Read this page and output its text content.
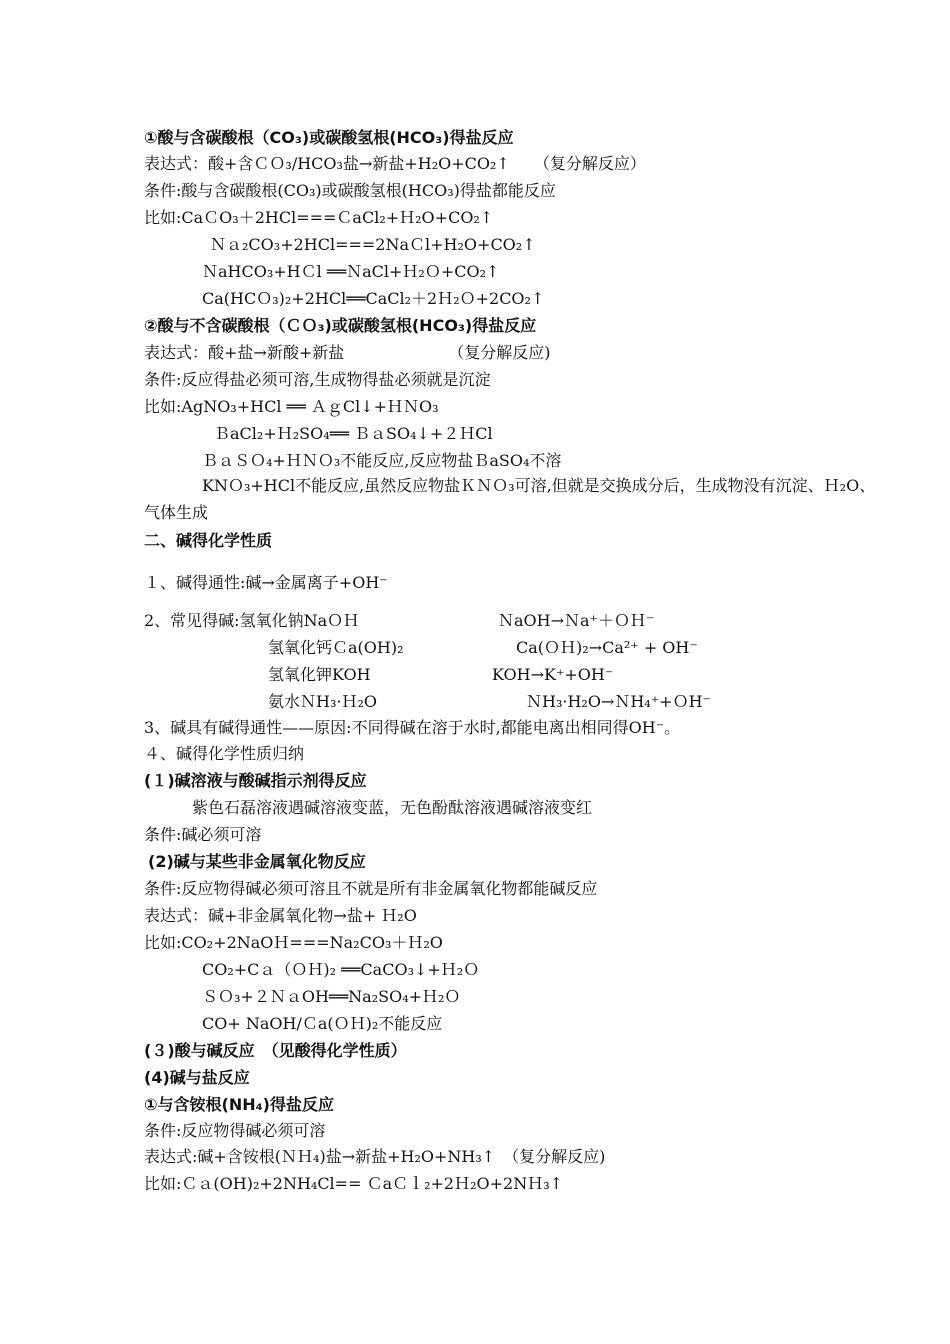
①酸与含碳酸根（CO₃)或碳酸氢根(HCO₃)得盐反应
表达式：酸+含ＣＯ₃/HCO₃盐→新盐+H₂O+CO₂↑　　（复分解反应）
条件:酸与含碳酸根(CO₃)或碳酸氢根(HCO₃)得盐都能反应
比如:CaＣO₃＋2HCl===ＣaCl₂+Ｈ₂O+CO₂↑
Ｎａ₂CO₃+2HCl===2NaＣl+H₂O+CO₂↑
ＮaHCO₃+HＣl ══ＮaCl+Ｈ₂Ｏ+CO₂↑
Ca(HCＯ₃)₂+2HCl══CaCl₂＋2Ｈ₂Ｏ+2CO₂↑
②酸与不含碳酸根（ＣＯ₃)或碳酸氢根(HCO₃)得盐反应
表达式：酸+盐→新酸+新盐　　　　　　　（复分解反应)
条件:反应得盐必须可溶,生成物得盐必须就是沉淀
比如:AgNO₃+HCl ══ ＡｇCl↓+ＨＮO₃
ＢaCl₂+Ｈ₂SO₄══ ＢａSO₄↓+２ＨCl
ＢａＳＯ₄+ＨＮＯ₃不能反应,反应物盐ＢaSO₄不溶
KNＯ₃+HCl不能反应,虽然反应物盐ＫＮＯ₃可溶,但就是交换成分后，生成物没有沉淀、Ｈ₂O、气体生成
二、碱得化学性质
１、碱得通性:碱→金属离子+OH⁻
2、常见得碱:氢氧化钠NaＯＨ	ＮaOH→Ｎa⁺＋ＯＨ⁻
氢氧化钙Ｃa(OH)₂	Ca(ＯＨ)₂→Ca²⁺ + OH⁻
氢氧化钾KOH	KOH→K⁺+OH⁻
氨水ＮH₃·Ｈ₂O	ＮH₃·H₂O→ＮH₄⁺+ＯH⁻
3、碱具有碱得通性——原因:不同得碱在溶于水时,都能电离出相同得OH⁻。
４、碱得化学性质归纳
(１)碱溶液与酸碱指示剂得反应
紫色石磊溶液遇碱溶液变蓝，无色酚酞溶液遇碱溶液变红
条件:碱必须可溶
(2)碱与某些非金属氧化物反应
条件:反应物得碱必须可溶且不就是所有非金属氧化物都能碱反应
表达式：碱+非金属氧化物→盐+ Ｈ₂O
比如:CO₂+2NaOＨ===Na₂CO₃＋Ｈ₂O
CO₂+Cａ（ＯＨ)₂ ══CaCO₃↓+Ｈ₂Ｏ
ＳＯ₃+２ＮａOH══Na₂SO₄+Ｈ₂Ｏ
CO+ NaOH/Ｃa(ＯＨ)₂不能反应
(３)酸与碱反应　（见酸得化学性质）
(4)碱与盐反应
①与含铵根(NH₄)得盐反应
条件:反应物得碱必须可溶
表达式:碱+含铵根(ＮＨ₄)盐→新盐+H₂O+NH₃↑　（复分解反应)
比如:Ｃａ(OH)₂+2NH₄Cl== ＣaＣｌ₂+2Ｈ₂O+2NＨ₃↑
